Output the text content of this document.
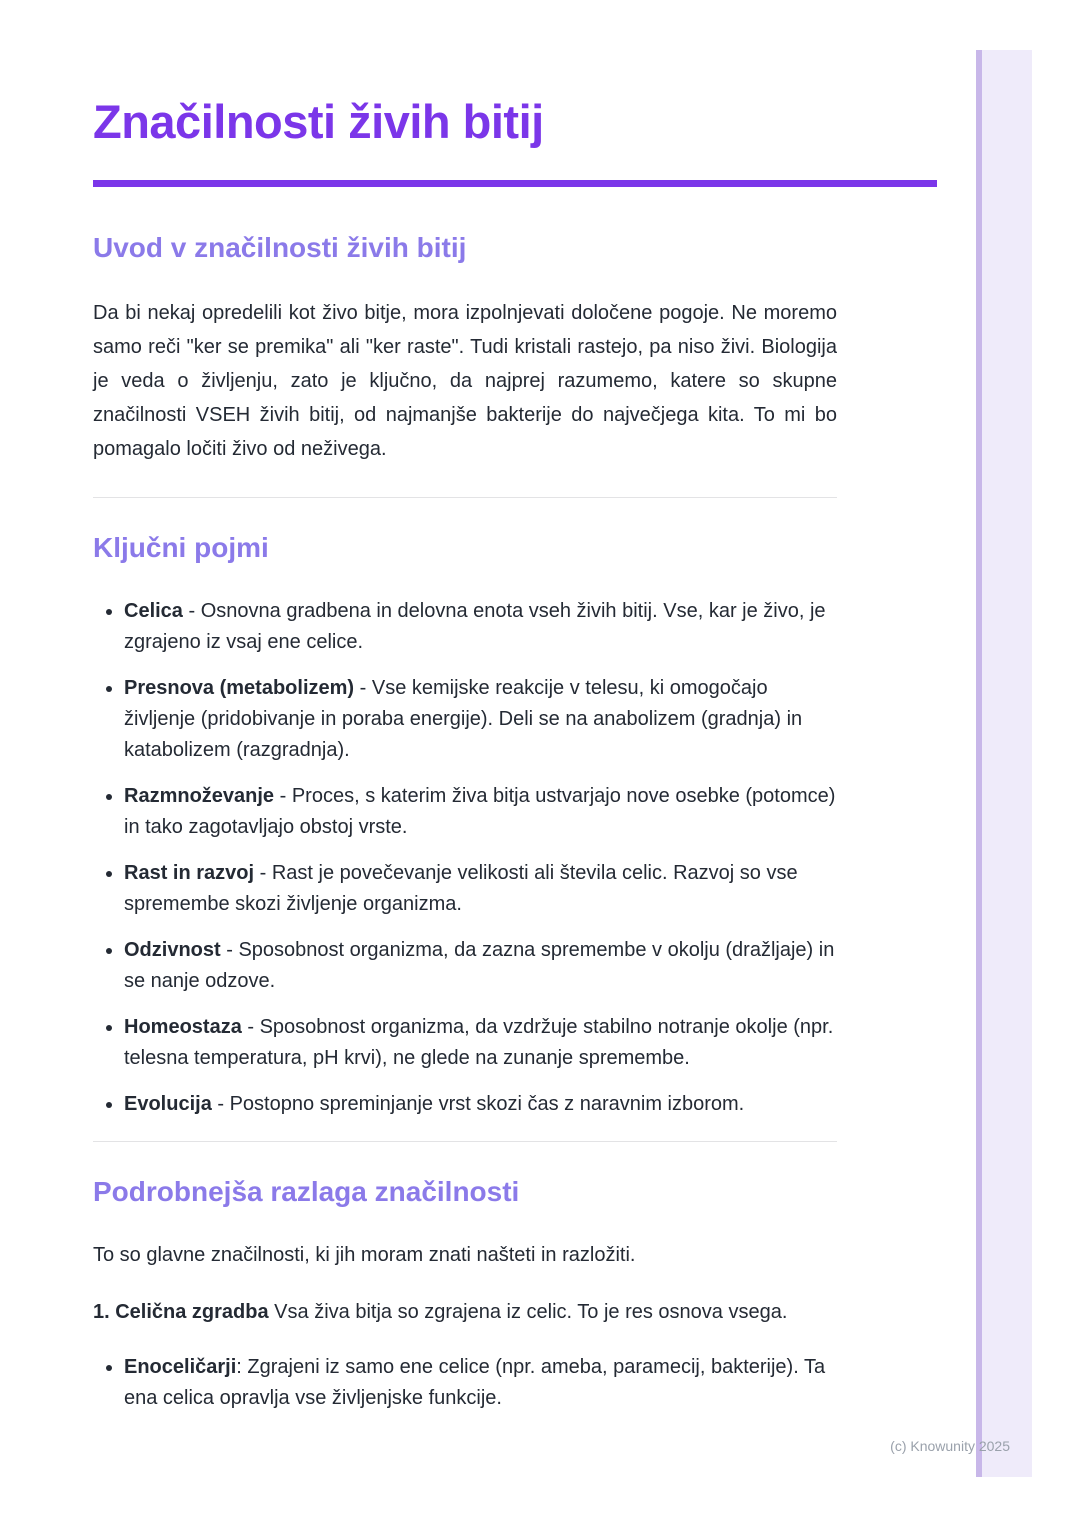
Značilnosti živih bitij
Uvod v značilnosti živih bitij

Da bi nekaj opredelili kot živo bitje, mora izpolnjevati določene pogoje. Ne moremo samo reči "ker se premika" ali "ker raste". Tudi kristali rastejo, pa niso živi. Biologija je veda o življenju, zato je ključno, da najprej razumemo, katere so skupne značilnosti VSEH živih bitij, od najmanjše bakterije do največjega kita. To mi bo pomagalo ločiti živo od neživega.

Ključni pojmi
Celica - Osnovna gradbena in delovna enota vseh živih bitij. Vse, kar je živo, je zgrajeno iz vsaj ene celice.
Presnova (metabolizem) - Vse kemijske reakcije v telesu, ki omogočajo življenje (pridobivanje in poraba energije). Deli se na anabolizem (gradnja) in katabolizem (razgradnja).
Razmnoževanje - Proces, s katerim živa bitja ustvarjajo nove osebke (potomce) in tako zagotavljajo obstoj vrste.
Rast in razvoj - Rast je povečevanje velikosti ali števila celic. Razvoj so vse spremembe skozi življenje organizma.
Odzivnost - Sposobnost organizma, da zazna spremembe v okolju (dražljaje) in se nanje odzove.
Homeostaza - Sposobnost organizma, da vzdržuje stabilno notranje okolje (npr. telesna temperatura, pH krvi), ne glede na zunanje spremembe.
Evolucija - Postopno spreminjanje vrst skozi čas z naravnim izborom.
Podrobnejša razlaga značilnosti

To so glavne značilnosti, ki jih moram znati našteti in razložiti.

1. Celična zgradba Vsa živa bitja so zgrajena iz celic. To je res osnova vsega.

Enoceličarji: Zgrajeni iz samo ene celice (npr. ameba, paramecij, bakterije). Ta ena celica opravlja vse življenjske funkcije.
(c) Knowunity 2025
